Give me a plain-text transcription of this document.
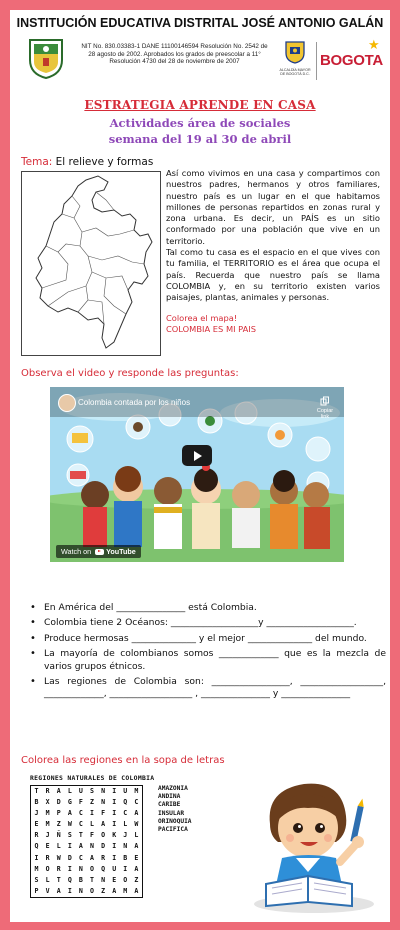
INSTITUCIÓN EDUCATIVA DISTRITAL JOSÉ ANTONIO GALÁN
NIT No. 830.03383-1 DANE 11100146594 Resolución No. 2542 de
28 agosto de 2002. Aprobados los grados de preescolar a 11°
Resolución 4730 del 28 de noviembre de 2007
ALCALDÍA MAYOR DE BOGOTÁ D.C.
BOGOTA
★
ESTRATEGIA APRENDE EN CASA
Actividades área de sociales
semana del 19 al 30 de abril
Tema: El relieve y formas

Así como vivimos en una casa y compartimos con nuestros padres, hermanos y otros familiares, nuestro país es un lugar en el que habitamos millones de personas repartidos en zonas rural y zona urbana. Es decir, un PAÍS es un sitio conformado por una población que vive en un territorio.

Tal como tu casa es el espacio en el que vives con tu familia, el TERRITORIO es el área que ocupa el país. Recuerda que nuestro país se llama COLOMBIA y, en su territorio existen varios paisajes, plantas, animales y personas.

Colorea el mapa!

COLOMBIA ES MI PAIS

Observa el video y responde las preguntas:
Colombia contada por los niños
Copiar link
Watch on YouTube
• En América del _______________ está Colombia.
• Colombia tiene 2 Océanos: ___________________y ___________________.
• Produce hermosas ______________ y el mejor ______________ del mundo.
• La mayoría de colombianos somos _____________ que es la mezcla de varios grupos étnicos.
• Las regiones de Colombia son: _________________, __________________, _____________, __________________ , _______________ y _______________
Colorea las regiones en la sopa de letras
REGIONES NATURALES DE COLOMBIA
T	R	A	L	U	S	N	I	U	M
B	X	D	G	F	Z	N	I	Q	C
J	M	P	A	C	I	F	I	C	A
E	M	Z	W	C	L	A	I	L	W
R	J	Ñ	S	T	F	O	K	J	L
Q	E	L	I	A	N	D	I	N	A
I	R	W	D	C	A	R	I	B	E
M	O	R	I	N	O	Q	U	I	A
S	L	T	Q	B	T	N	E	O	Z
P	V	A	I	N	O	Z	A	M	A
AMAZONIA
ANDINA
CARIBE
INSULAR
ORINOQUIA
PACIFICA
